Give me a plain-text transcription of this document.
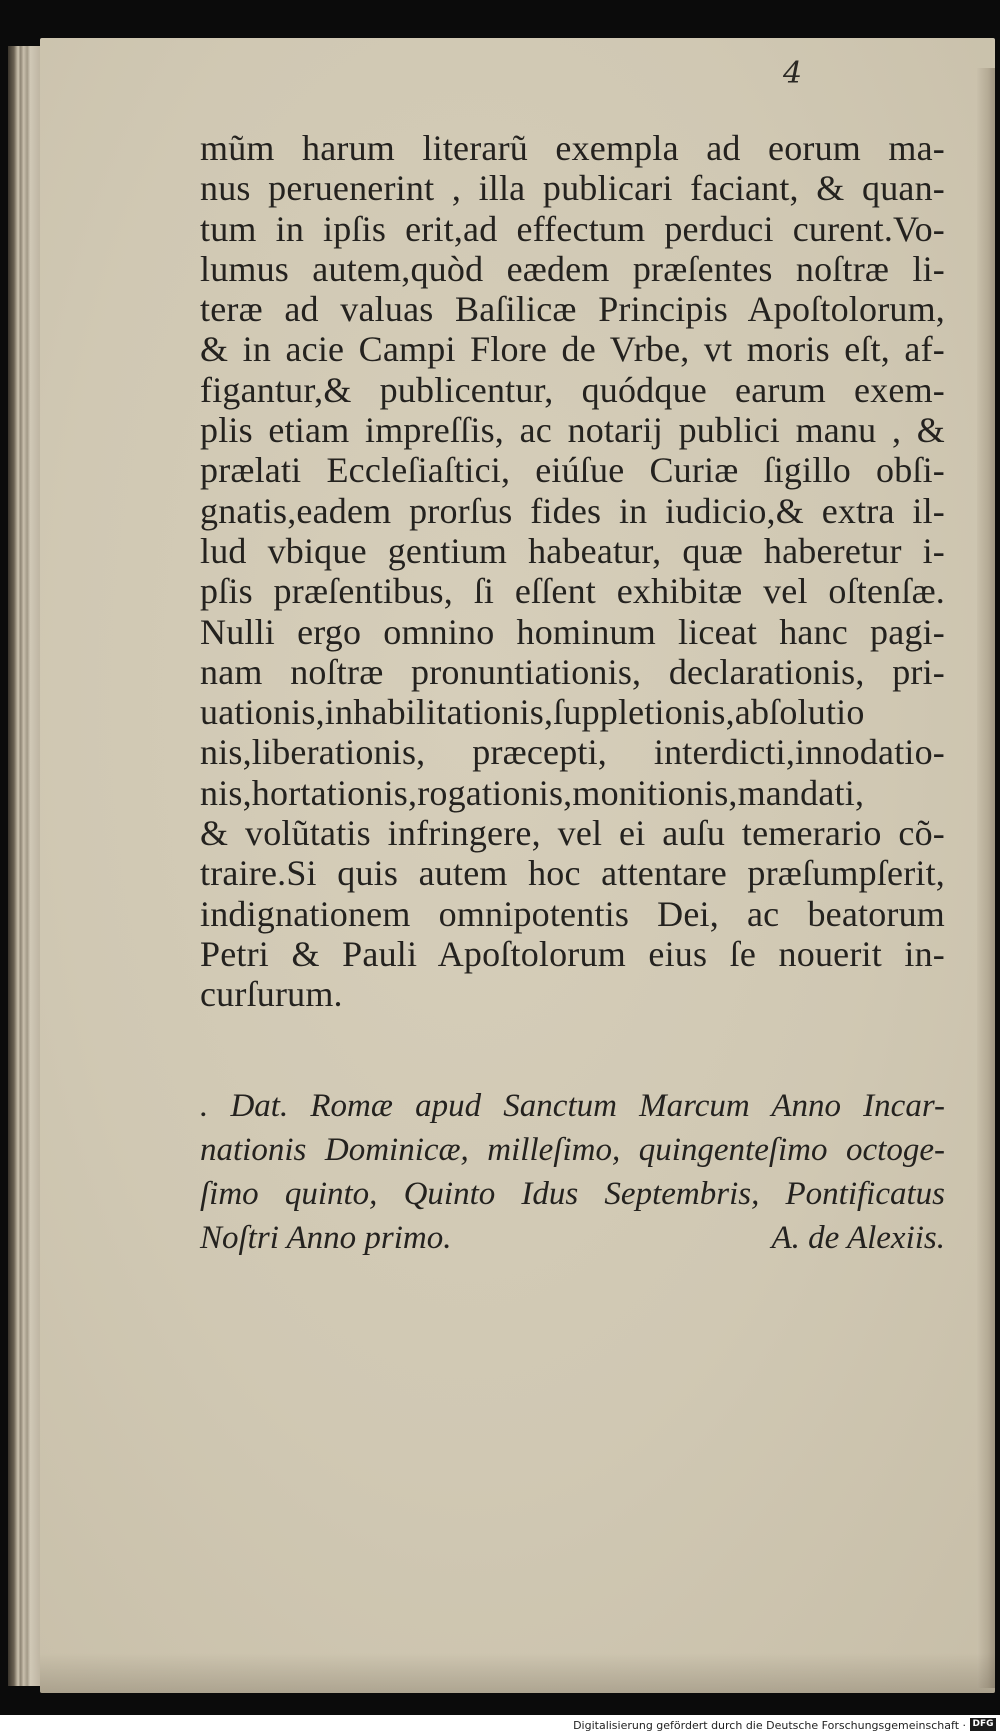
4
mũm harum literarũ exempla ad eorum ma-
nus peruenerint , illa publicari faciant, & quan-
tum in ipſis erit,ad effectum perduci curent.Vo-
lumus autem,quòd eædem præſentes noſtræ li-
teræ ad valuas Baſilicæ Principis Apoſtolorum,
& in acie Campi Flore de Vrbe, vt moris eſt, af-
figantur,& publicentur, quódque earum exem-
plis etiam impreſſis, ac notarij publici manu , &
prælati Eccleſiaſtici, eiúſue Curiæ ſigillo obſi-
gnatis,eadem prorſus fides in iudicio,& extra il-
lud vbique gentium habeatur, quæ haberetur i-
pſis præſentibus, ſi eſſent exhibitæ vel oſtenſæ.
Nulli ergo omnino hominum liceat hanc pagi-
nam noſtræ pronuntiationis, declarationis, pri-
uationis,inhabilitationis,ſuppletionis,abſolutio
nis,liberationis, præcepti, interdicti,innodatio-
nis,hortationis,rogationis,monitionis,mandati,
& volũtatis infringere, vel ei auſu temerario cõ-
traire.Si quis autem hoc attentare præſumpſerit,
indignationem omnipotentis Dei, ac beatorum
Petri & Pauli Apoſtolorum eius ſe nouerit in-
curſurum.
. Dat. Romæ apud Sanctum Marcum Anno Incar-
nationis Dominicæ, milleſimo, quingenteſimo octoge-
ſimo quinto, Quinto Idus Septembris, Pontificatus
Noſtri Anno primo.	A. de Alexiis.
Digitalisierung gefördert durch die Deutsche Forschungsgemeinschaft · DFG
